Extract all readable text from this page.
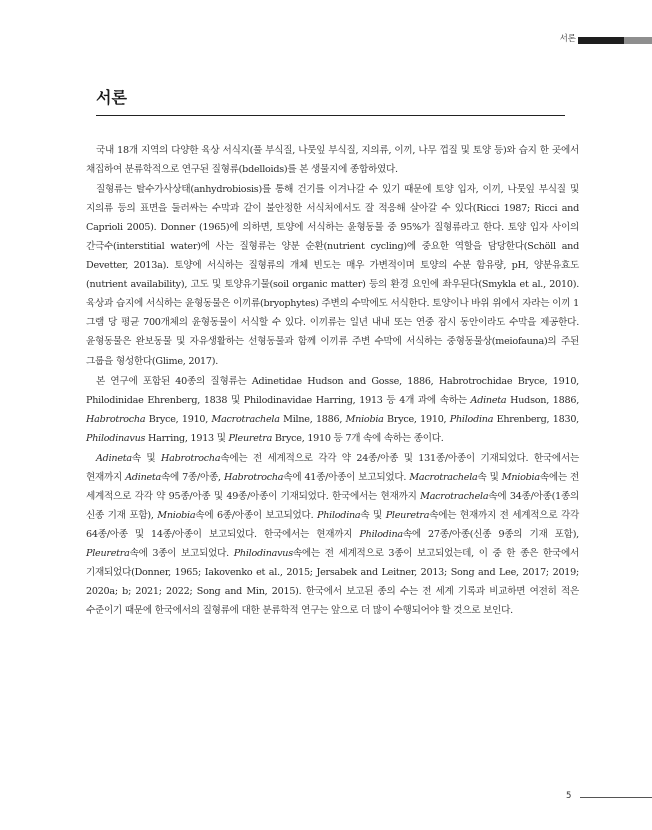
서론
서론

국내 18개 지역의 다양한 육상 서식지(풀 부식질, 나뭇잎 부식질, 지의류, 이끼, 나무 껍질 및 토양 등)와 습지 한 곳에서 채집하여 분류학적으로 연구된 질형류(bdelloids)를 본 생물지에 종합하였다.

질형류는 탈수가사상태(anhydrobiosis)를 통해 건기를 이겨나갈 수 있기 때문에 토양 입자, 이끼, 나뭇잎 부식질 및 지의류 등의 표면을 둘러싸는 수막과 같이 불안정한 서식처에서도 잘 적응해 살아갈 수 있다(Ricci 1987; Ricci and Caprioli 2005). Donner (1965)에 의하면, 토양에 서식하는 윤형동물 중 95%가 질형류라고 한다. 토양 입자 사이의 간극수(interstitial water)에 사는 질형류는 양분 순환(nutrient cycling)에 중요한 역할을 담당한다(Schöll and Devetter, 2013a). 토양에 서식하는 질형류의 개체 빈도는 매우 가변적이며 토양의 수분 함유량, pH, 양분유효도(nutrient availability), 고도 및 토양유기물(soil organic matter) 등의 환경 요인에 좌우된다(Smykla et al., 2010). 육상과 습지에 서식하는 윤형동물은 이끼류(bryophytes) 주변의 수막에도 서식한다. 토양이나 바위 위에서 자라는 이끼 1 그램 당 평균 700개체의 윤형동물이 서식할 수 있다. 이끼류는 일년 내내 또는 연중 잠시 동안이라도 수막을 제공한다. 윤형동물은 완보동물 및 자유생활하는 선형동물과 함께 이끼류 주변 수막에 서식하는 중형동물상(meiofauna)의 주된 그룹을 형성한다(Glime, 2017).

본 연구에 포함된 40종의 질형류는 Adinetidae Hudson and Gosse, 1886, Habrotrochidae Bryce, 1910, Philodinidae Ehrenberg, 1838 및 Philodinavidae Harring, 1913 등 4개 과에 속하는 Adineta Hudson, 1886, Habrotrocha Bryce, 1910, Macrotrachela Milne, 1886, Mniobia Bryce, 1910, Philodina Ehrenberg, 1830, Philodinavus Harring, 1913 및 Pleuretra Bryce, 1910 등 7개 속에 속하는 종이다.

Adineta속 및 Habrotrocha속에는 전 세계적으로 각각 약 24종/아종 및 131종/아종이 기재되었다. 한국에서는 현재까지 Adineta속에 7종/아종, Habrotrocha속에 41종/아종이 보고되었다. Macrotrachela속 및 Mniobia속에는 전 세계적으로 각각 약 95종/아종 및 49종/아종이 기재되었다. 한국에서는 현재까지 Macrotrachela속에 34종/아종(1종의 신종 기재 포함), Mniobia속에 6종/아종이 보고되었다. Philodina속 및 Pleuretra속에는 현재까지 전 세계적으로 각각 64종/아종 및 14종/아종이 보고되었다. 한국에서는 현재까지 Philodina속에 27종/아종(신종 9종의 기재 포함), Pleuretra속에 3종이 보고되었다. Philodinavus속에는 전 세계적으로 3종이 보고되었는데, 이 중 한 종은 한국에서 기재되었다(Donner, 1965; Iakovenko et al., 2015; Jersabek and Leitner, 2013; Song and Lee, 2017; 2019; 2020a; b; 2021; 2022; Song and Min, 2015). 한국에서 보고된 종의 수는 전 세계 기록과 비교하면 여전히 적은 수준이기 때문에 한국에서의 질형류에 대한 분류학적 연구는 앞으로 더 많이 수행되어야 할 것으로 보인다.

5
